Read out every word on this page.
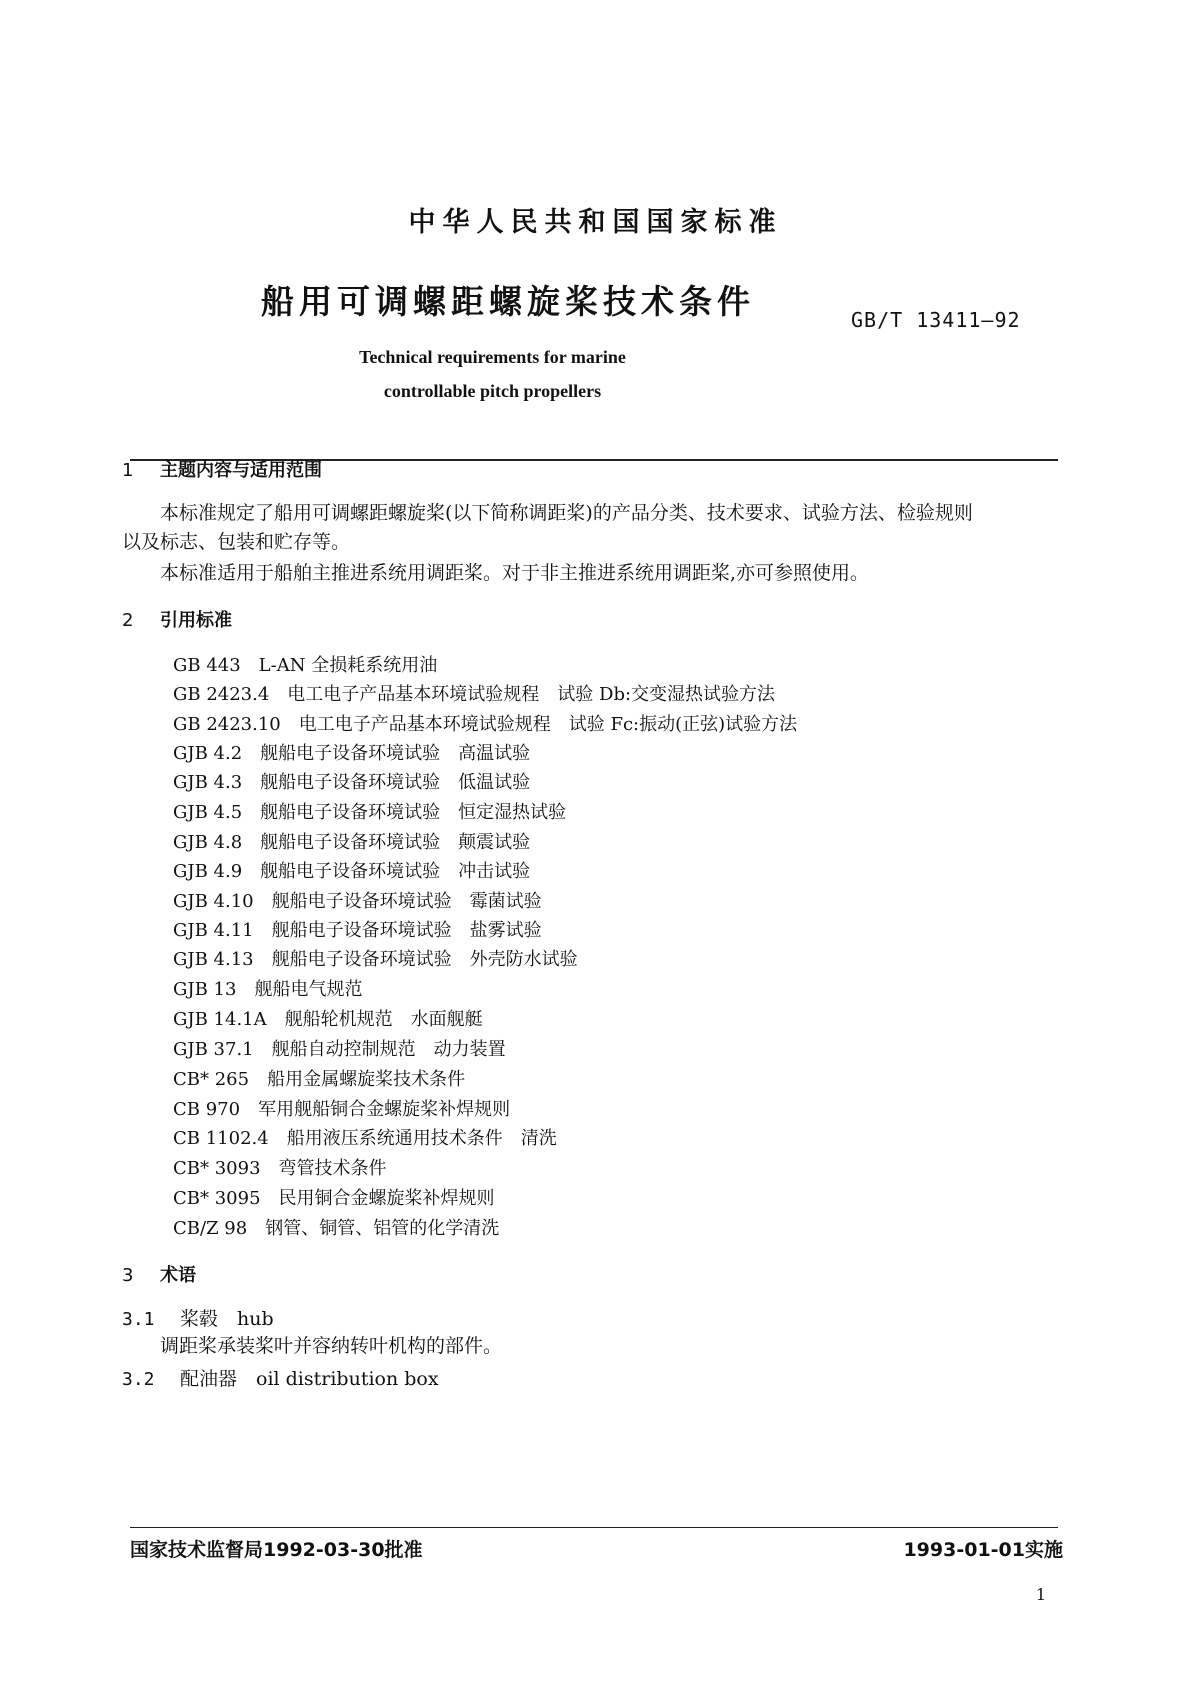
中华人民共和国国家标准
船用可调螺距螺旋桨技术条件	GB/T 13411—92
Technical requirements for marine
controllable pitch propellers
1 主题内容与适用范围
本标准规定了船用可调螺距螺旋桨(以下简称调距桨)的产品分类、技术要求、试验方法、检验规则
以及标志、包装和贮存等。
本标准适用于船舶主推进系统用调距桨。对于非主推进系统用调距桨,亦可参照使用。
2 引用标准
GB 443　L-AN 全损耗系统用油
GB 2423.4　电工电子产品基本环境试验规程　试验 Db:交变湿热试验方法
GB 2423.10　电工电子产品基本环境试验规程　试验 Fc:振动(正弦)试验方法
GJB 4.2　舰船电子设备环境试验　高温试验
GJB 4.3　舰船电子设备环境试验　低温试验
GJB 4.5　舰船电子设备环境试验　恒定湿热试验
GJB 4.8　舰船电子设备环境试验　颠震试验
GJB 4.9　舰船电子设备环境试验　冲击试验
GJB 4.10　舰船电子设备环境试验　霉菌试验
GJB 4.11　舰船电子设备环境试验　盐雾试验
GJB 4.13　舰船电子设备环境试验　外壳防水试验
GJB 13　舰船电气规范
GJB 14.1A　舰船轮机规范　水面舰艇
GJB 37.1　舰船自动控制规范　动力装置
CB* 265　船用金属螺旋桨技术条件
CB 970　军用舰船铜合金螺旋桨补焊规则
CB 1102.4　船用液压系统通用技术条件　清洗
CB* 3093　弯管技术条件
CB* 3095　民用铜合金螺旋桨补焊规则
CB/Z 98　钢管、铜管、铝管的化学清洗
3 术语
3.1 桨毂　hub
调距桨承装桨叶并容纳转叶机构的部件。
3.2 配油器　oil distribution box
国家技术监督局1992-03-30批准	1993-01-01实施
1
